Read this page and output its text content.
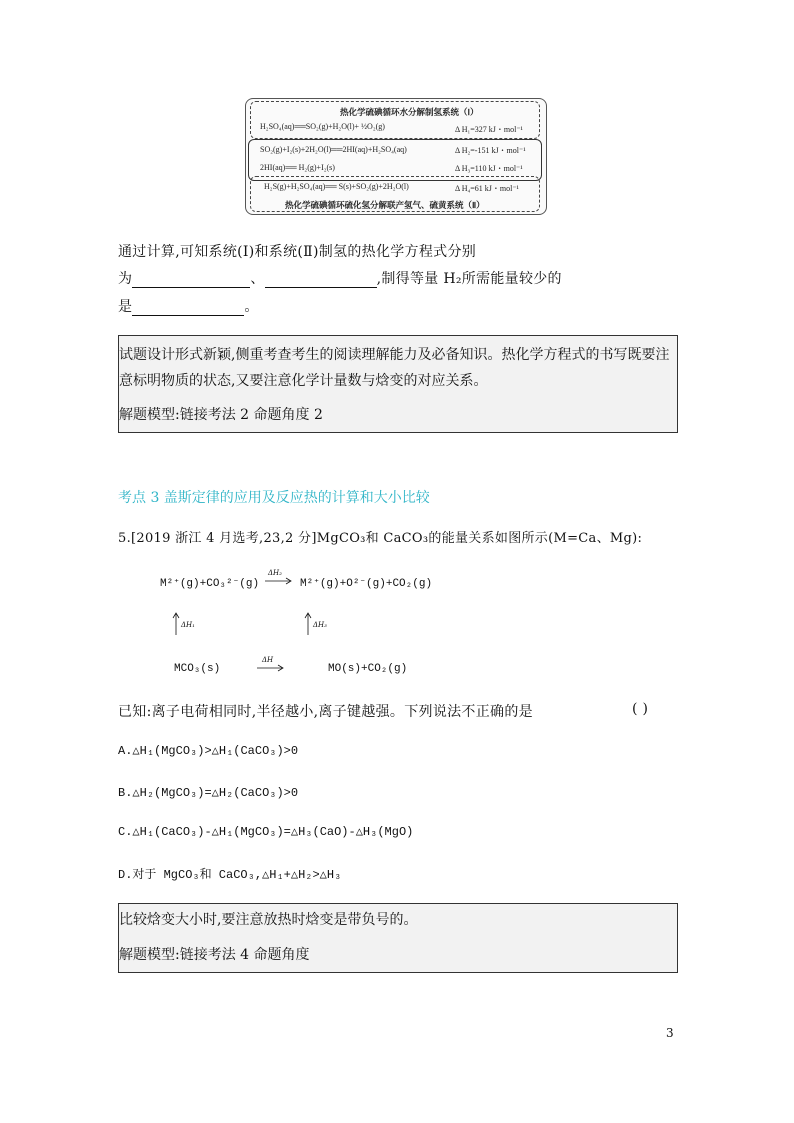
热化学硫碘循环水分解制氢系统（Ⅰ）
H₂SO₄(aq)══SO₂(g)+H₂O(l)+ ½O₂(g)	Δ H₁=327 kJ・mol⁻¹
SO₂(g)+I₂(s)+2H₂O(l)══2HI(aq)+H₂SO₄(aq)	Δ H₂=-151 kJ・mol⁻¹
2HI(aq)══ H₂(g)+I₂(s)	Δ H₃=110 kJ・mol⁻¹
H₂S(g)+H₂SO₄(aq)══ S(s)+SO₂(g)+2H₂O(l)	Δ H₄=61 kJ・mol⁻¹
热化学硫碘循环硫化氢分解联产氢气、硫黄系统（Ⅱ）
通过计算,可知系统(Ⅰ)和系统(Ⅱ)制氢的热化学方程式分别
为	、	,制得等量 H₂所需能量较少的
是	。
试题设计形式新颖,侧重考查考生的阅读理解能力及必备知识。热化学方程式的书写既要注
意标明物质的状态,又要注意化学计量数与焓变的对应关系。
解题模型:链接考法 2 命题角度 2
考点 3 盖斯定律的应用及反应热的计算和大小比较
5.[2019 浙江 4 月选考,23,2 分]MgCO₃和 CaCO₃的能量关系如图所示(M=Ca、Mg):
M²⁺(g)+CO₃²⁻(g)
ΔH₂
M²⁺(g)+O²⁻(g)+CO₂(g)
ΔH₁	ΔH₃
MCO₃(s)
ΔH
MO(s)+CO₂(g)
已知:离子电荷相同时,半径越小,离子键越强。下列说法不正确的是	( )
A.△H₁(MgCO₃)>△H₁(CaCO₃)>0
B.△H₂(MgCO₃)=△H₂(CaCO₃)>0
C.△H₁(CaCO₃)-△H₁(MgCO₃)=△H₃(CaO)-△H₃(MgO)
D.对于 MgCO₃和 CaCO₃,△H₁+△H₂>△H₃
比较焓变大小时,要注意放热时焓变是带负号的。
解题模型:链接考法 4 命题角度
3
